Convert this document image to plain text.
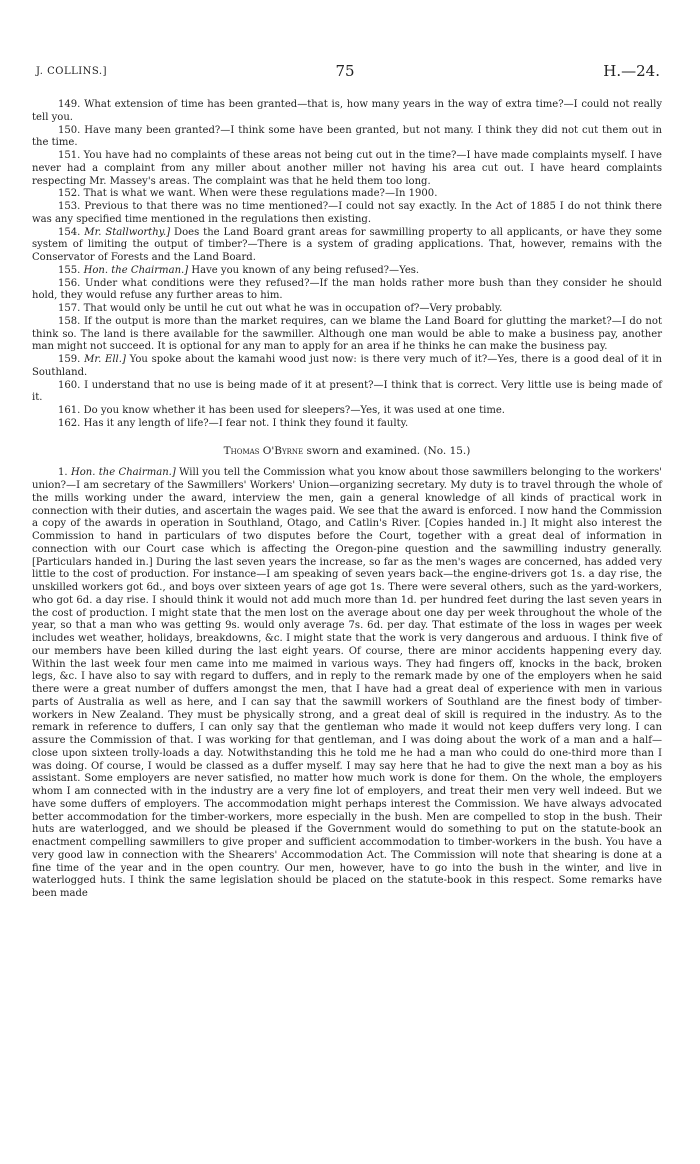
J. COLLINS.]	75	H.—24.

149. What extension of time has been granted—that is, how many years in the way of extra time?—I could not really tell you.

150. Have many been granted?—I think some have been granted, but not many. I think they did not cut them out in the time.

151. You have had no complaints of these areas not being cut out in the time?—I have made complaints myself. I have never had a complaint from any miller about another miller not having his area cut out. I have heard complaints respecting Mr. Massey's areas. The complaint was that he held them too long.

152. That is what we want. When were these regulations made?—In 1900.

153. Previous to that there was no time mentioned?—I could not say exactly. In the Act of 1885 I do not think there was any specified time mentioned in the regulations then existing.

154. Mr. Stallworthy.] Does the Land Board grant areas for sawmilling property to all applicants, or have they some system of limiting the output of timber?—There is a system of grading applications. That, however, remains with the Conservator of Forests and the Land Board.

155. Hon. the Chairman.] Have you known of any being refused?—Yes.

156. Under what conditions were they refused?—If the man holds rather more bush than they consider he should hold, they would refuse any further areas to him.

157. That would only be until he cut out what he was in occupation of?—Very probably.

158. If the output is more than the market requires, can we blame the Land Board for glutting the market?—I do not think so. The land is there available for the sawmiller. Although one man would be able to make a business pay, another man might not succeed. It is optional for any man to apply for an area if he thinks he can make the business pay.

159. Mr. Ell.] You spoke about the kamahi wood just now: is there very much of it?—Yes, there is a good deal of it in Southland.

160. I understand that no use is being made of it at present?—I think that is correct. Very little use is being made of it.

161. Do you know whether it has been used for sleepers?—Yes, it was used at one time.

162. Has it any length of life?—I fear not. I think they found it faulty.

Thomas O'Byrne sworn and examined. (No. 15.)

1. Hon. the Chairman.] Will you tell the Commission what you know about those sawmillers belonging to the workers' union?—I am secretary of the Sawmillers' Workers' Union—organizing secretary. My duty is to travel through the whole of the mills working under the award, interview the men, gain a general knowledge of all kinds of practical work in connection with their duties, and ascertain the wages paid. We see that the award is enforced. I now hand the Commission a copy of the awards in operation in Southland, Otago, and Catlin's River. [Copies handed in.] It might also interest the Commission to hand in particulars of two disputes before the Court, together with a great deal of information in connection with our Court case which is affecting the Oregon-pine question and the sawmilling industry generally. [Particulars handed in.] During the last seven years the increase, so far as the men's wages are concerned, has added very little to the cost of production. For instance—I am speaking of seven years back—the engine-drivers got 1s. a day rise, the unskilled workers got 6d., and boys over sixteen years of age got 1s. There were several others, such as the yard-workers, who got 6d. a day rise. I should think it would not add much more than 1d. per hundred feet during the last seven years in the cost of production. I might state that the men lost on the average about one day per week throughout the whole of the year, so that a man who was getting 9s. would only average 7s. 6d. per day. That estimate of the loss in wages per week includes wet weather, holidays, breakdowns, &c. I might state that the work is very dangerous and arduous. I think five of our members have been killed during the last eight years. Of course, there are minor accidents happening every day. Within the last week four men came into me maimed in various ways. They had fingers off, knocks in the back, broken legs, &c. I have also to say with regard to duffers, and in reply to the remark made by one of the employers when he said there were a great number of duffers amongst the men, that I have had a great deal of experience with men in various parts of Australia as well as here, and I can say that the sawmill workers of Southland are the finest body of timber-workers in New Zealand. They must be physically strong, and a great deal of skill is required in the industry. As to the remark in reference to duffers, I can only say that the gentleman who made it would not keep duffers very long. I can assure the Commission of that. I was working for that gentleman, and I was doing about the work of a man and a half—close upon sixteen trolly-loads a day. Notwithstanding this he told me he had a man who could do one-third more than I was doing. Of course, I would be classed as a duffer myself. I may say here that he had to give the next man a boy as his assistant. Some employers are never satisfied, no matter how much work is done for them. On the whole, the employers whom I am connected with in the industry are a very fine lot of employers, and treat their men very well indeed. But we have some duffers of employers. The accommodation might perhaps interest the Commission. We have always advocated better accommodation for the timber-workers, more especially in the bush. Men are compelled to stop in the bush. Their huts are waterlogged, and we should be pleased if the Government would do something to put on the statute-book an enactment compelling sawmillers to give proper and sufficient accommodation to timber-workers in the bush. You have a very good law in connection with the Shearers' Accommodation Act. The Commission will note that shearing is done at a fine time of the year and in the open country. Our men, however, have to go into the bush in the winter, and live in waterlogged huts. I think the same legislation should be placed on the statute-book in this respect. Some remarks have been made
